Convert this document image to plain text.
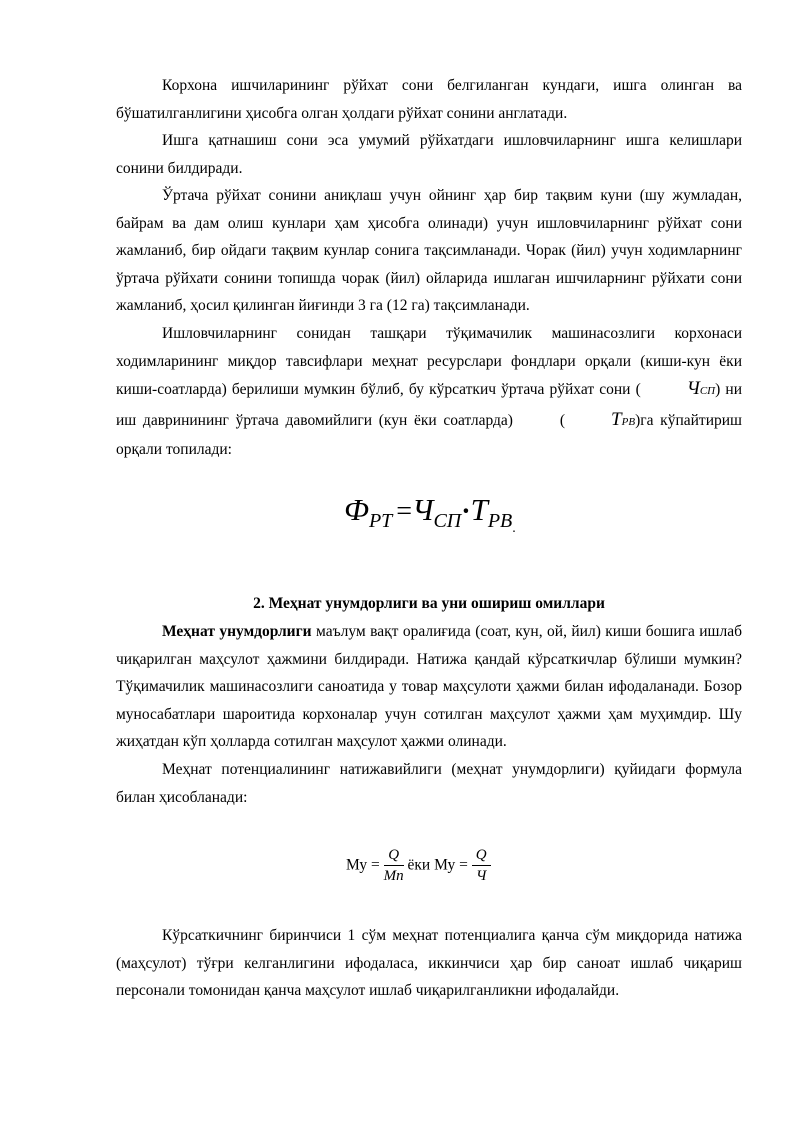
Корхона ишчиларининг рўйхат сони белгиланган кундаги, ишга олинган ва бўшатилганлигини ҳисобга олган ҳолдаги рўйхат сонини англатади.

Ишга қатнашиш сони эса умумий рўйхатдаги ишловчиларнинг ишга келишлари сонини билдиради.

Ўртача рўйхат сонини аниқлаш учун ойнинг ҳар бир тақвим куни (шу жумладан, байрам ва дам олиш кунлари ҳам ҳисобга олинади) учун ишловчиларнинг рўйхат сони жамланиб, бир ойдаги тақвим кунлар сонига тақсимланади. Чорак (йил) учун ходимларнинг ўртача рўйхати сонини топишда чорак (йил) ойларида ишлаган ишчиларнинг рўйхати сони жамланиб, ҳосил қилинган йиғинди 3 га (12 га) тақсимланади.

Ишловчиларнинг сонидан ташқари тўқимачилик машинасозлиги корхонаси ходимларининг миқдор тавсифлари меҳнат ресурслари фондлари орқали (киши-кун ёки киши-соатларда) берилиши мумкин бўлиб, бу кўрсаткич ўртача рўйхат сони ( ЧСП) ни иш давринининг ўртача давомийлиги (кун ёки соатларда)	( ТРВ)га кўпайтириш орқали топилади:

ФРТ =ЧСП·ТРВ.

2. Меҳнат унумдорлиги ва уни ошириш омиллари

Меҳнат унумдорлиги маълум вақт оралиғида (соат, кун, ой, йил) киши бошига ишлаб чиқарилган маҳсулот ҳажмини билдиради. Натижа қандай кўрсаткичлар бўлиши мумкин? Тўқимачилик машинасозлиги саноатида у товар маҳсулоти ҳажми билан ифодаланади. Бозор муносабатлари шароитида корхоналар учун сотилган маҳсулот ҳажми ҳам муҳимдир. Шу жиҳатдан кўп ҳолларда сотилган маҳсулот ҳажми олинади.

Меҳнат потенциалининг натижавийлиги (меҳнат унумдорлиги) қуйидаги формула билан ҳисобланади:

Му = $\frac{Q}{Мп}$ ёки Му = $\frac{Q}{Ч}$

Кўрсаткичнинг биринчиси 1 сўм меҳнат потенциалига қанча сўм миқдорида натижа (маҳсулот) тўғри келганлигини ифодаласа, иккинчиси ҳар бир саноат ишлаб чиқариш персонали томонидан қанча маҳсулот ишлаб чиқарилганликни ифодалайди.
